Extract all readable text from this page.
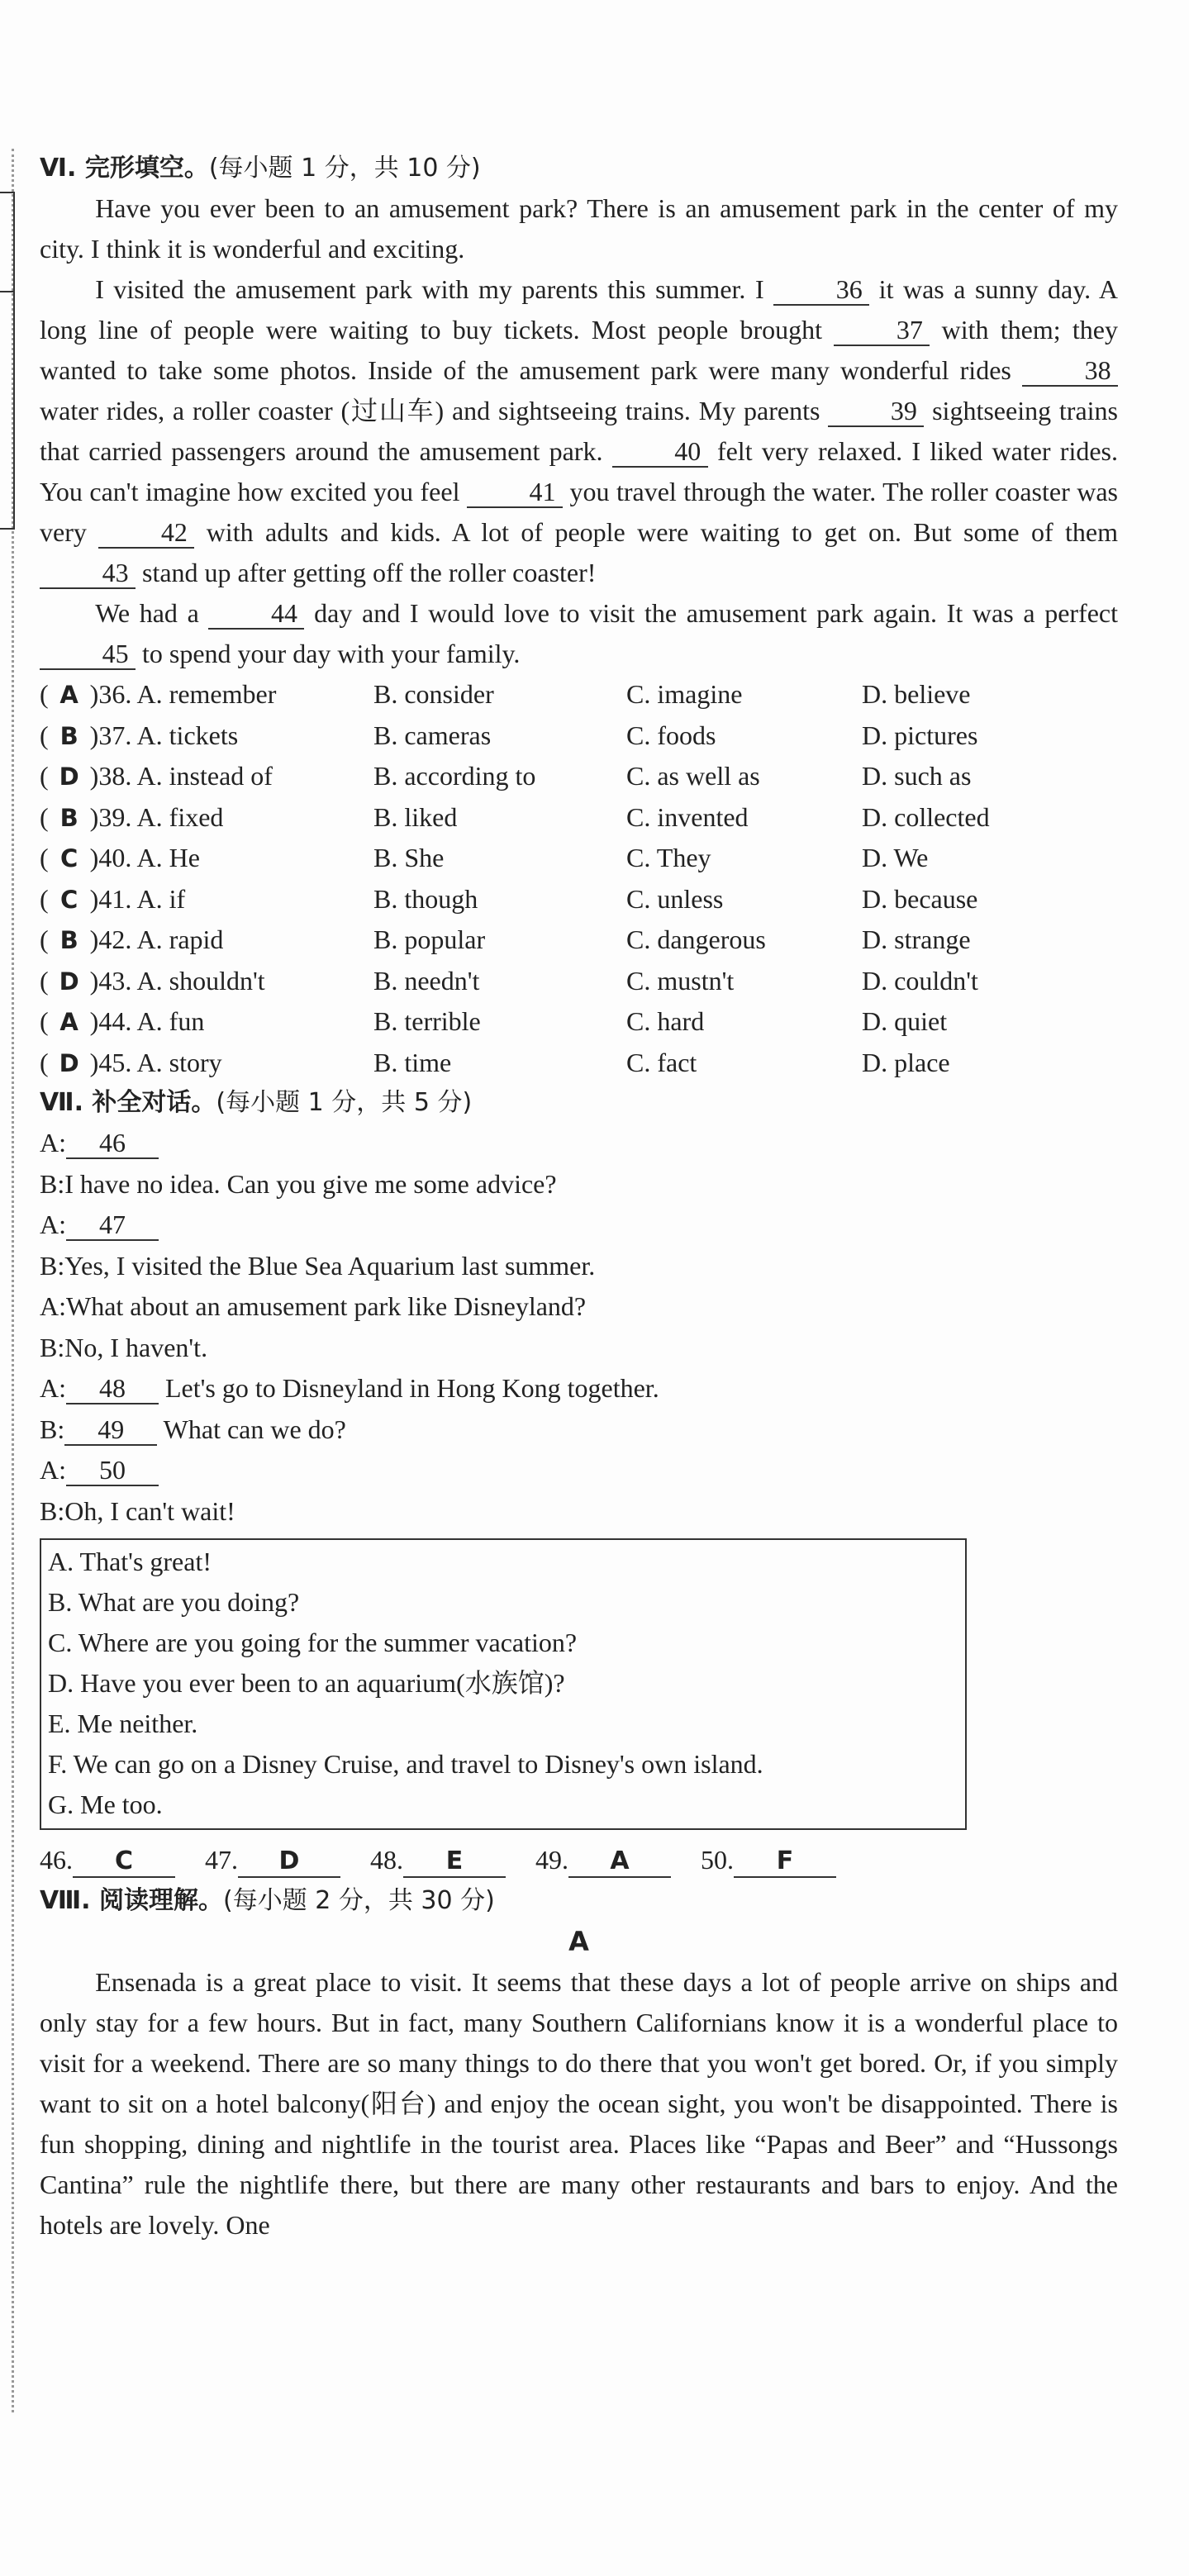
Ⅵ. 完形填空。(每小题 1 分，共 10 分)

Have you ever been to an amusement park? There is an amusement park in the center of my city. I think it is wonderful and exciting.

I visited the amusement park with my parents this summer. I 36 it was a sunny day. A long line of people were waiting to buy tickets. Most people brought 37 with them; they wanted to take some photos. Inside of the amusement park were many wonderful rides 38 water rides, a roller coaster (过山车) and sightseeing trains. My parents 39 sightseeing trains that carried passengers around the amusement park. 40 felt very relaxed. I liked water rides. You can't imagine how excited you feel 41 you travel through the water. The roller coaster was very 42 with adults and kids. A lot of people were waiting to get on. But some of them 43 stand up after getting off the roller coaster!

We had a 44 day and I would love to visit the amusement park again. It was a perfect 45 to spend your day with your family.

( A )36. A. remember	B. consider	C. imagine	D. believe
( B )37. A. tickets	B. cameras	C. foods	D. pictures
( D )38. A. instead of	B. according to	C. as well as	D. such as
( B )39. A. fixed	B. liked	C. invented	D. collected
( C )40. A. He	B. She	C. They	D. We
( C )41. A. if	B. though	C. unless	D. because
( B )42. A. rapid	B. popular	C. dangerous	D. strange
( D )43. A. shouldn't	B. needn't	C. mustn't	D. couldn't
( A )44. A. fun	B. terrible	C. hard	D. quiet
( D )45. A. story	B. time	C. fact	D. place
Ⅶ. 补全对话。(每小题 1 分，共 5 分)
A: 46
B:I have no idea. Can you give me some advice?
A: 47
B:Yes, I visited the Blue Sea Aquarium last summer.
A:What about an amusement park like Disneyland?
B:No, I haven't.
A: 48 Let's go to Disneyland in Hong Kong together.
B: 49 What can we do?
A: 50
B:Oh, I can't wait!
A. That's great!
B. What are you doing?
C. Where are you going for the summer vacation?
D. Have you ever been to an aquarium(水族馆)?
E. Me neither.
F. We can go on a Disney Cruise, and travel to Disney's own island.
G. Me too.
46. C	47. D	48. E	49. A	50. F
Ⅷ. 阅读理解。(每小题 2 分，共 30 分)
A

Ensenada is a great place to visit. It seems that these days a lot of people arrive on ships and only stay for a few hours. But in fact, many Southern Californians know it is a wonderful place to visit for a weekend. There are so many things to do there that you won't get bored. Or, if you simply want to sit on a hotel balcony(阳台) and enjoy the ocean sight, you won't be disappointed. There is fun shopping, dining and nightlife in the tourist area. Places like “Papas and Beer” and “Hussongs Cantina” rule the nightlife there, but there are many other restaurants and bars to enjoy. And the hotels are lovely. One
